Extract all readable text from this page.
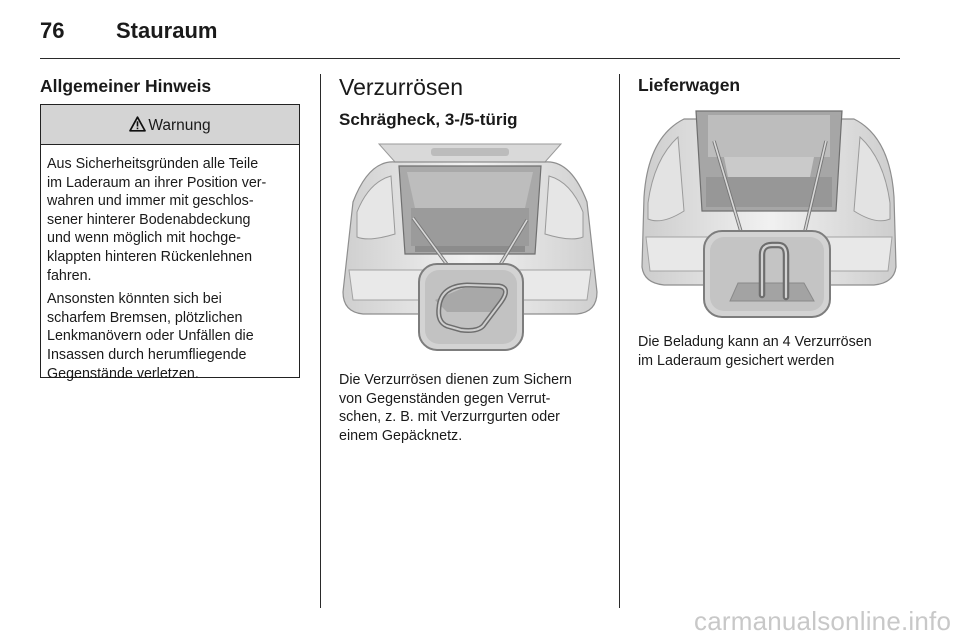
76 Stauraum
Allgemeiner Hinweis
Warnung

Aus Sicherheitsgründen alle Teile
im Laderaum an ihrer Position ver-
wahren und immer mit geschlos-
sener hinterer Bodenabdeckung
und wenn möglich mit hochge-
klappten hinteren Rückenlehnen
fahren.

Ansonsten könnten sich bei
scharfem Bremsen, plötzlichen
Lenkmanövern oder Unfällen die
Insassen durch herumfliegende
Gegenstände verletzen.

Verzurrösen
Schrägheck, 3-/5-türig

Die Verzurrösen dienen zum Sichern
von Gegenständen gegen Verrut-
schen, z. B. mit Verzurrgurten oder
einem Gepäcknetz.

Lieferwagen

Die Beladung kann an 4 Verzurrösen
im Laderaum gesichert werden

carmanualsonline.info
